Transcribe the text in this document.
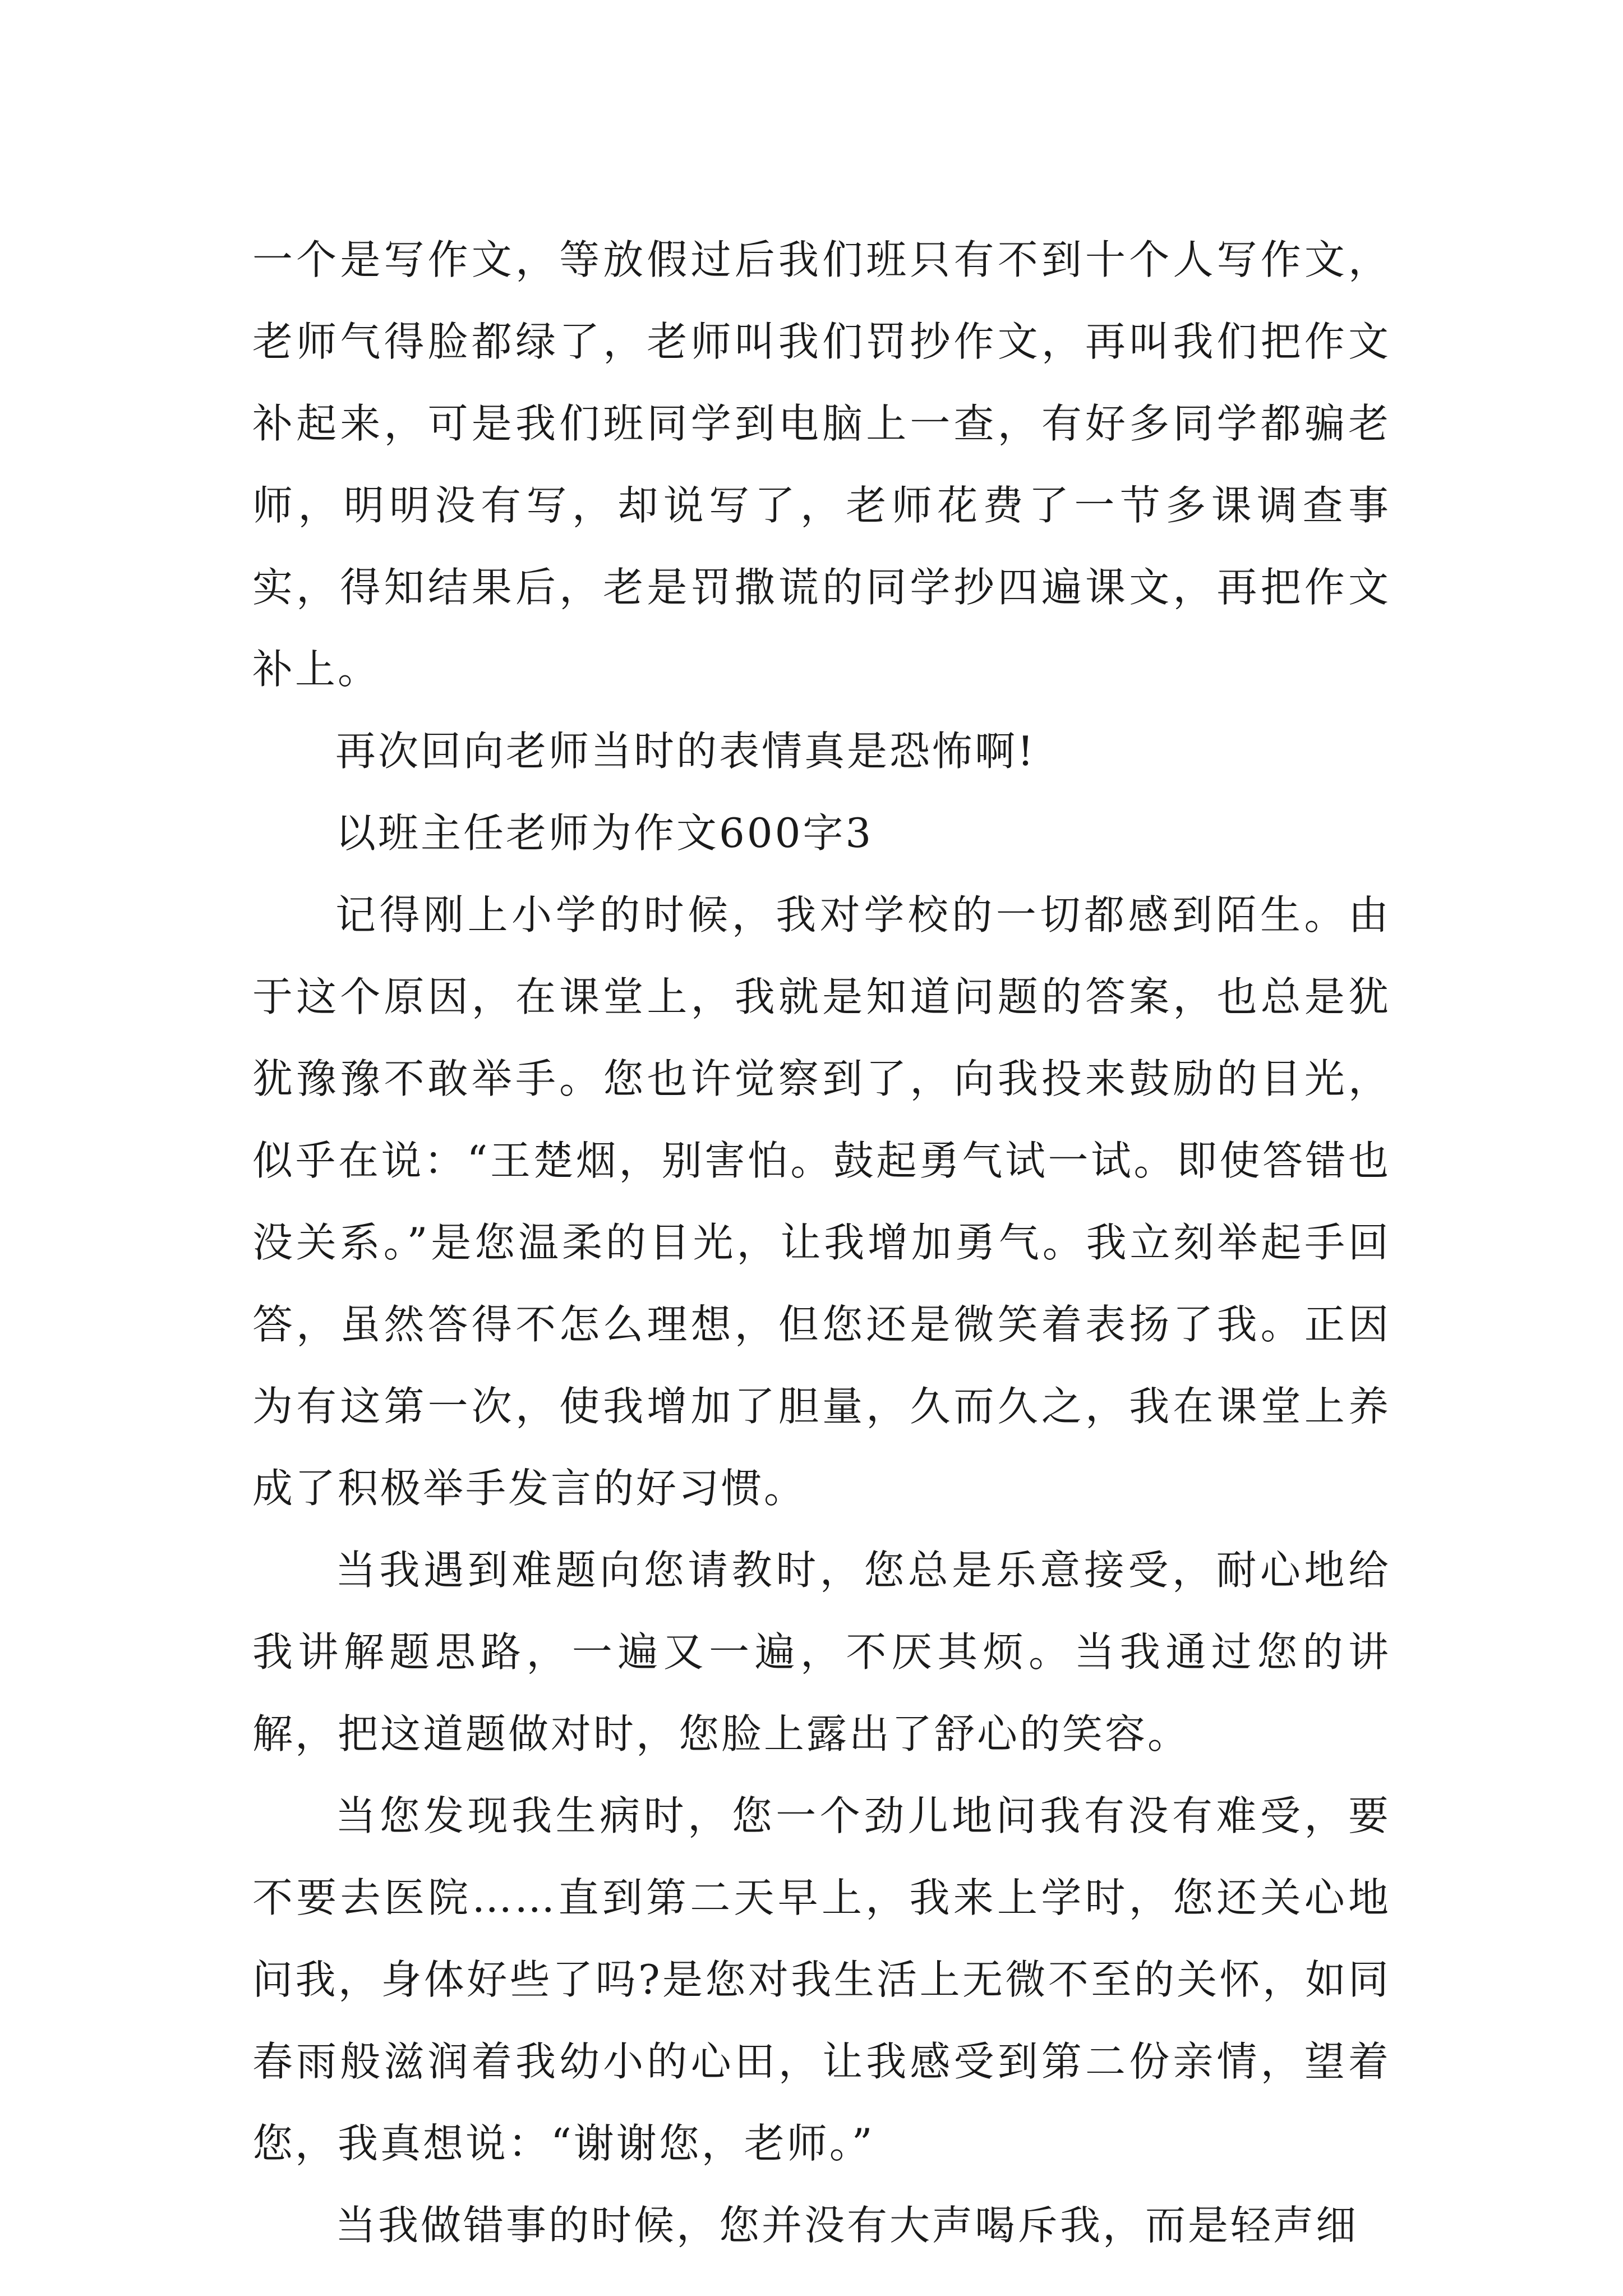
一个是写作文，等放假过后我们班只有不到十个人写作文，老师气得脸都绿了，老师叫我们罚抄作文，再叫我们把作文补起来，可是我们班同学到电脑上一查，有好多同学都骗老师，明明没有写，却说写了，老师花费了一节多课调查事实，得知结果后，老是罚撒谎的同学抄四遍课文，再把作文补上。

再次回向老师当时的表情真是恐怖啊!

以班主任老师为作文600字3

记得刚上小学的时候，我对学校的一切都感到陌生。由于这个原因，在课堂上，我就是知道问题的答案，也总是犹犹豫豫不敢举手。您也许觉察到了，向我投来鼓励的目光，似乎在说：“王楚烟，别害怕。鼓起勇气试一试。即使答错也没关系。”是您温柔的目光，让我增加勇气。我立刻举起手回答，虽然答得不怎么理想，但您还是微笑着表扬了我。正因为有这第一次，使我增加了胆量，久而久之，我在课堂上养成了积极举手发言的好习惯。

当我遇到难题向您请教时，您总是乐意接受，耐心地给我讲解题思路，一遍又一遍，不厌其烦。当我通过您的讲解，把这道题做对时，您脸上露出了舒心的笑容。

当您发现我生病时，您一个劲儿地问我有没有难受，要不要去医院……直到第二天早上，我来上学时，您还关心地问我，身体好些了吗?是您对我生活上无微不至的关怀，如同春雨般滋润着我幼小的心田，让我感受到第二份亲情，望着您，我真想说：“谢谢您，老师。”

当我做错事的时候，您并没有大声喝斥我，而是轻声细
